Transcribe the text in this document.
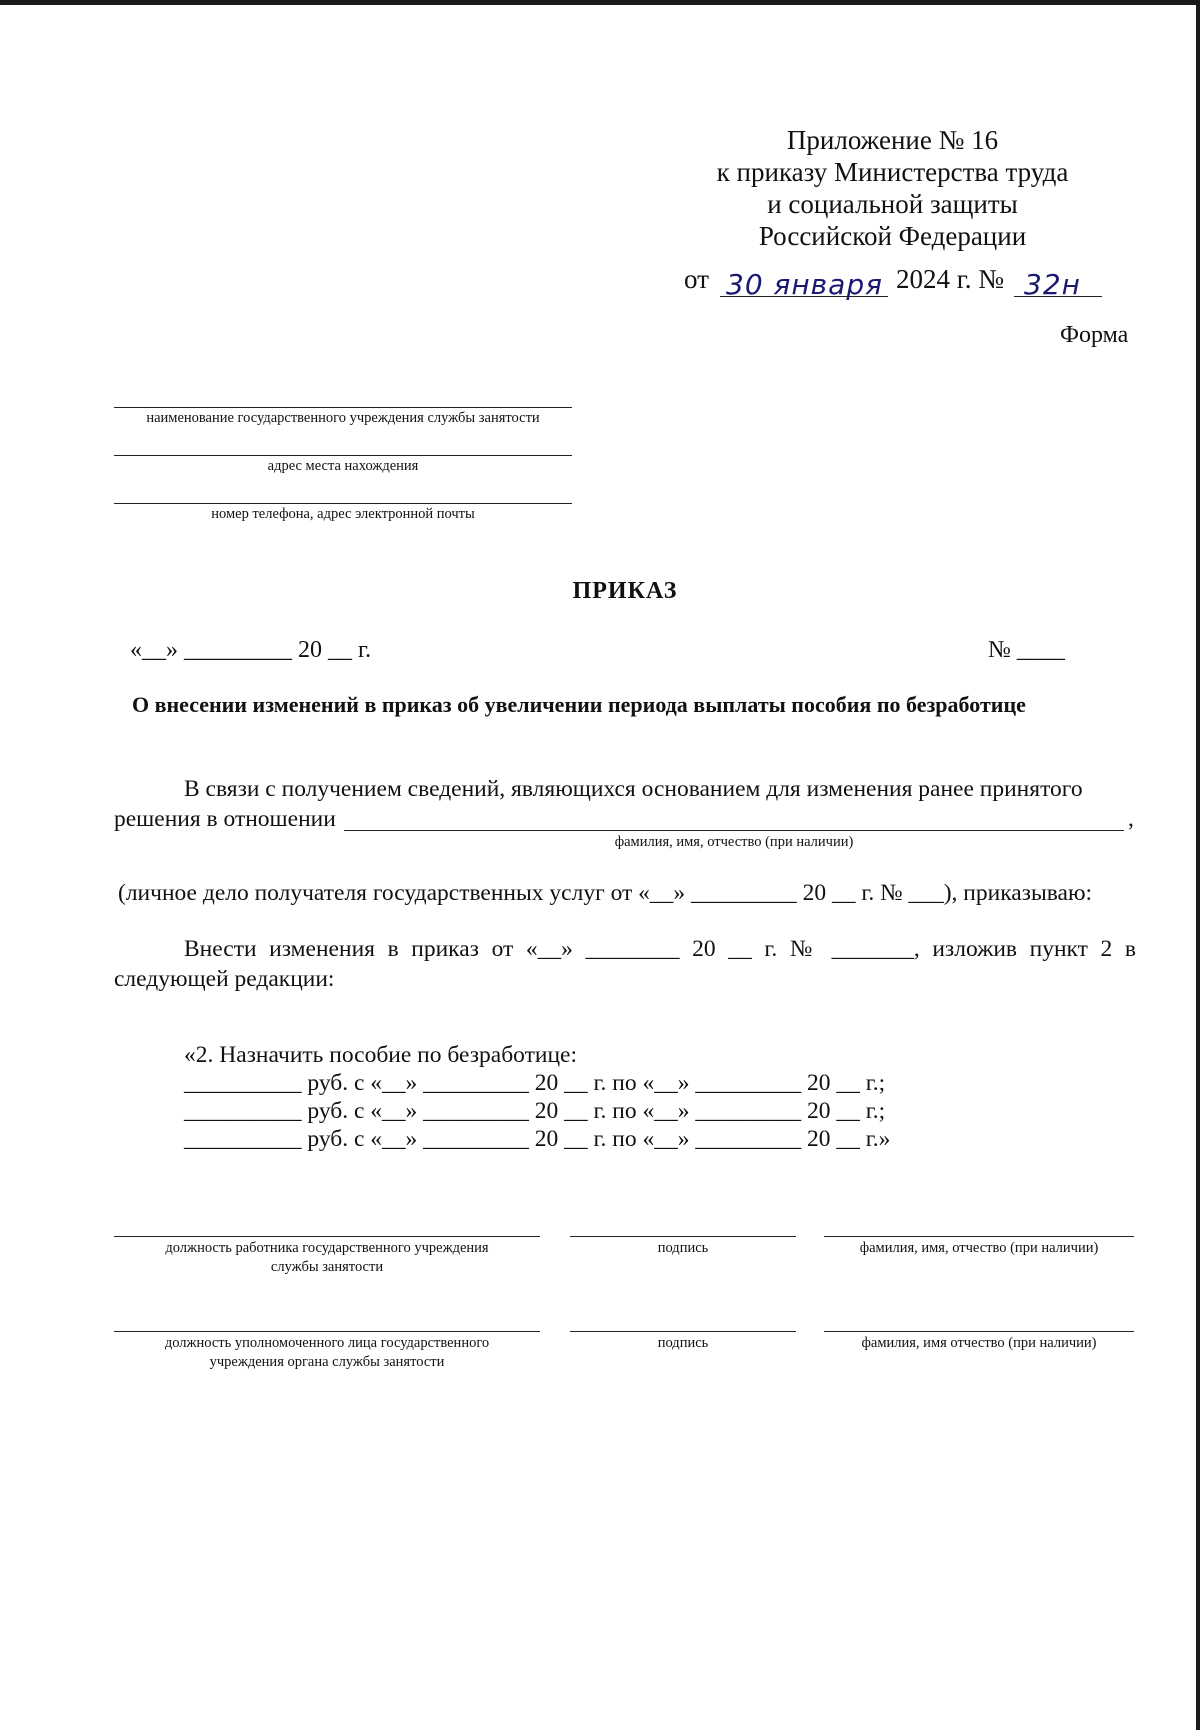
Приложение № 16
к приказу Министерства труда
и социальной защиты
Российской Федерации
от 30 января 2024 г. № 32н
Форма
наименование государственного учреждения службы занятости
адрес места нахождения
номер телефона, адрес электронной почты
ПРИКАЗ
«__» _________ 20 __ г.	№ ____
О внесении изменений в приказ об увеличении периода выплаты пособия по безработице
В связи с получением сведений, являющихся основанием для изменения ранее принятого
решения в отношении	,
фамилия, имя, отчество (при наличии)
(личное дело получателя государственных услуг от «__» _________ 20 __ г. № ___), приказываю:
Внести изменения в приказ от «__» ________ 20 __ г. № _______, изложив пункт 2 в
следующей редакции:
«2. Назначить пособие по безработице:
__________ руб. с «__» _________ 20 __ г. по «__» _________ 20 __ г.;
__________ руб. с «__» _________ 20 __ г. по «__» _________ 20 __ г.;
__________ руб. с «__» _________ 20 __ г. по «__» _________ 20 __ г.»
должность работника государственного учреждения
службы занятости
подпись	фамилия, имя, отчество (при наличии)
должность уполномоченного лица государственного
учреждения органа службы занятости
подпись	фамилия, имя отчество (при наличии)
